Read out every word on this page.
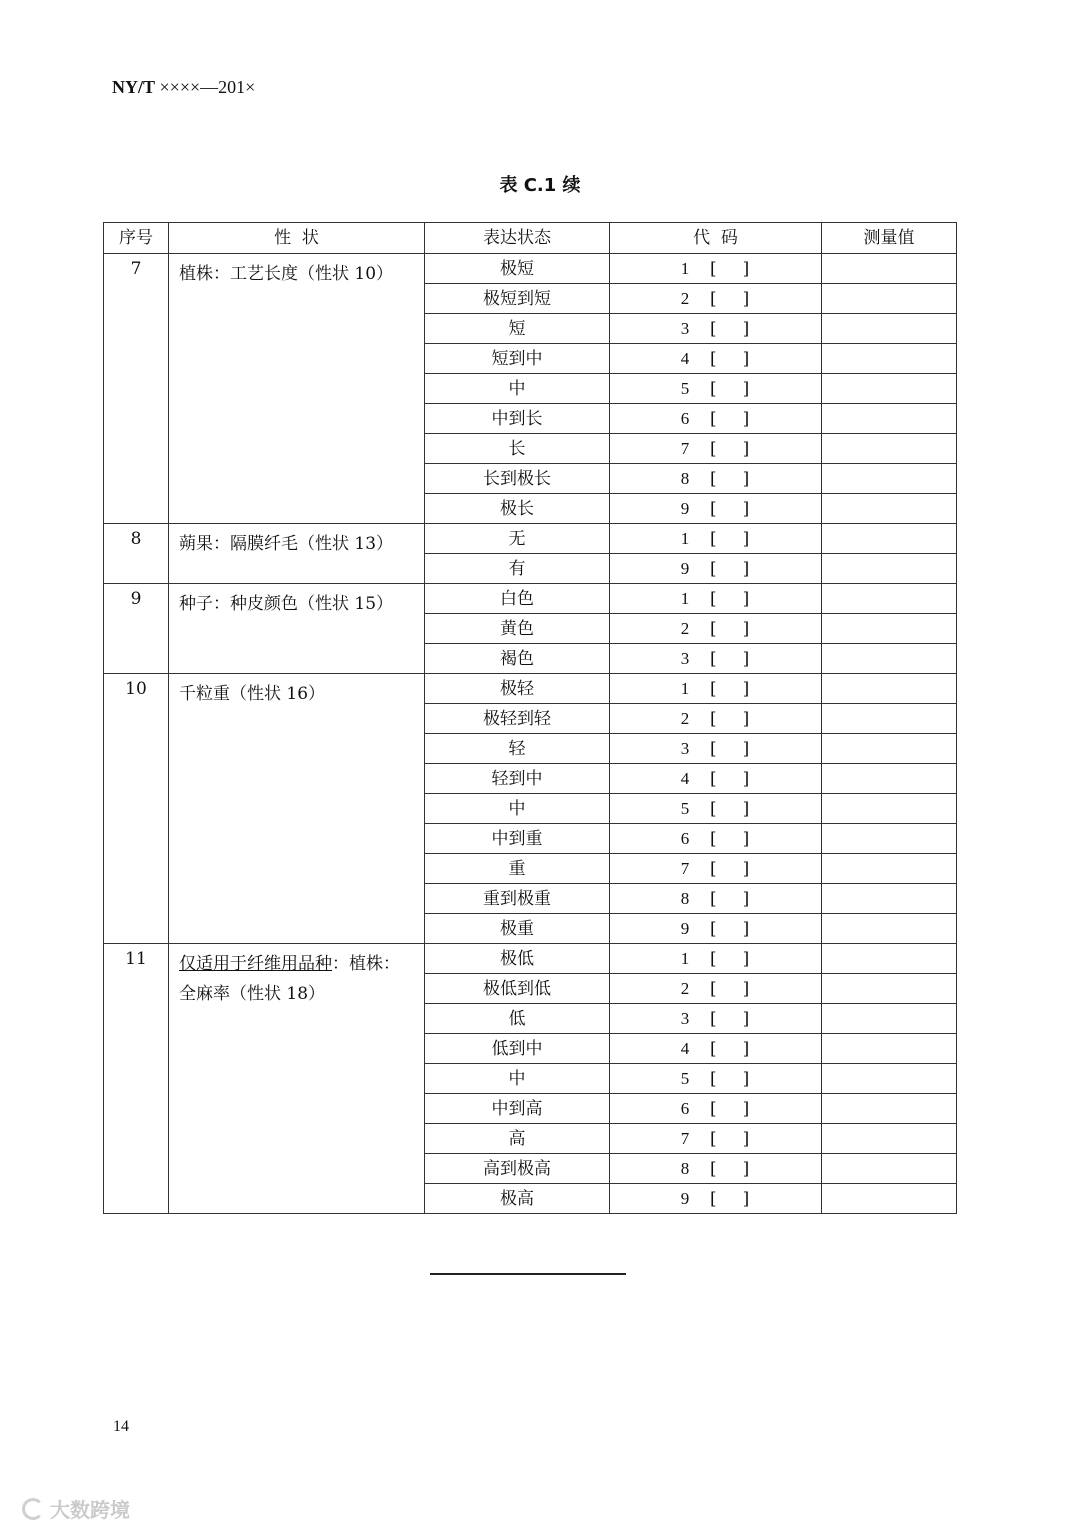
NY/T ××××—201×
表 C.1 续
序号	性  状	表达状态	代  码	测量值
7	植株：工艺长度（性状 10）	极短	1 [ ]	

		极短到短	2 [ ]	

		短	3 [ ]	

		短到中	4 [ ]	

		中	5 [ ]	

		中到长	6 [ ]	

		长	7 [ ]	

		长到极长	8 [ ]	

		极长	9 [ ]	

8	蒴果：隔膜纤毛（性状 13）	无	1 [ ]	

		有	9 [ ]	

9	种子：种皮颜色（性状 15）	白色	1 [ ]	

		黄色	2 [ ]	

		褐色	3 [ ]	

10	千粒重（性状 16）	极轻	1 [ ]	

		极轻到轻	2 [ ]	

		轻	3 [ ]	

		轻到中	4 [ ]	

		中	5 [ ]	

		中到重	6 [ ]	

		重	7 [ ]	

		重到极重	8 [ ]	

		极重	9 [ ]	

11	仅适用于纤维用品种：植株：
全麻率（性状 18）	极低	1 [ ]	

		极低到低	2 [ ]	

		低	3 [ ]	

		低到中	4 [ ]	

		中	5 [ ]	

		中到高	6 [ ]	

		高	7 [ ]	

		高到极高	8 [ ]	

		极高	9 [ ]	

14
大数跨境
